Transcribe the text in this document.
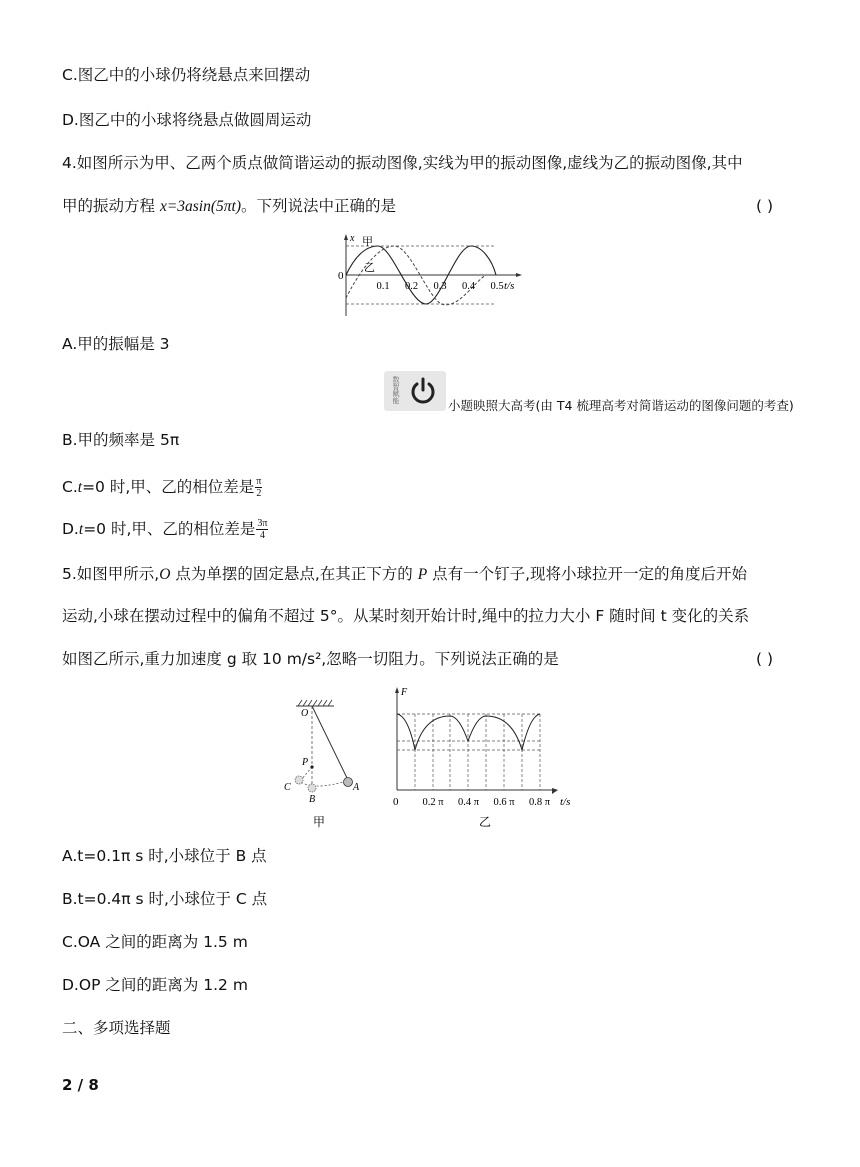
C.图乙中的小球仍将绕悬点来回摆动
D.图乙中的小球将绕悬点做圆周运动
4.如图所示为甲、乙两个质点做简谐运动的振动图像,实线为甲的振动图像,虚线为乙的振动图像,其中
甲的振动方程 x=3asin(5πt)。下列说法中正确的是	( )
x 甲
乙
0
0.1 0.2 0.3 0.4 0.5 t/s
A.甲的振幅是 3
数智赋能
小题映照大高考(由 T4 梳理高考对简谐运动的图像问题的考查)
B.甲的频率是 5π
C.t=0 时,甲、乙的相位差是 $\frac{\pi}{2}$
D.t=0 时,甲、乙的相位差是 $\frac{3\pi}{4}$
5.如图甲所示,O 点为单摆的固定悬点,在其正下方的 P 点有一个钉子,现将小球拉开一定的角度后开始
运动,小球在摆动过程中的偏角不超过 5°。从某时刻开始计时,绳中的拉力大小 F 随时间 t 变化的关系
如图乙所示,重力加速度 g 取 10 m/s²,忽略一切阻力。下列说法正确的是	( )
O
P
C
B
A
甲
F
0 0.2 π 0.4 π 0.6 π 0.8 π t/s
乙
A.t=0.1π s 时,小球位于 B 点
B.t=0.4π s 时,小球位于 C 点
C.OA 之间的距离为 1.5 m
D.OP 之间的距离为 1.2 m
二、多项选择题
2 / 8
